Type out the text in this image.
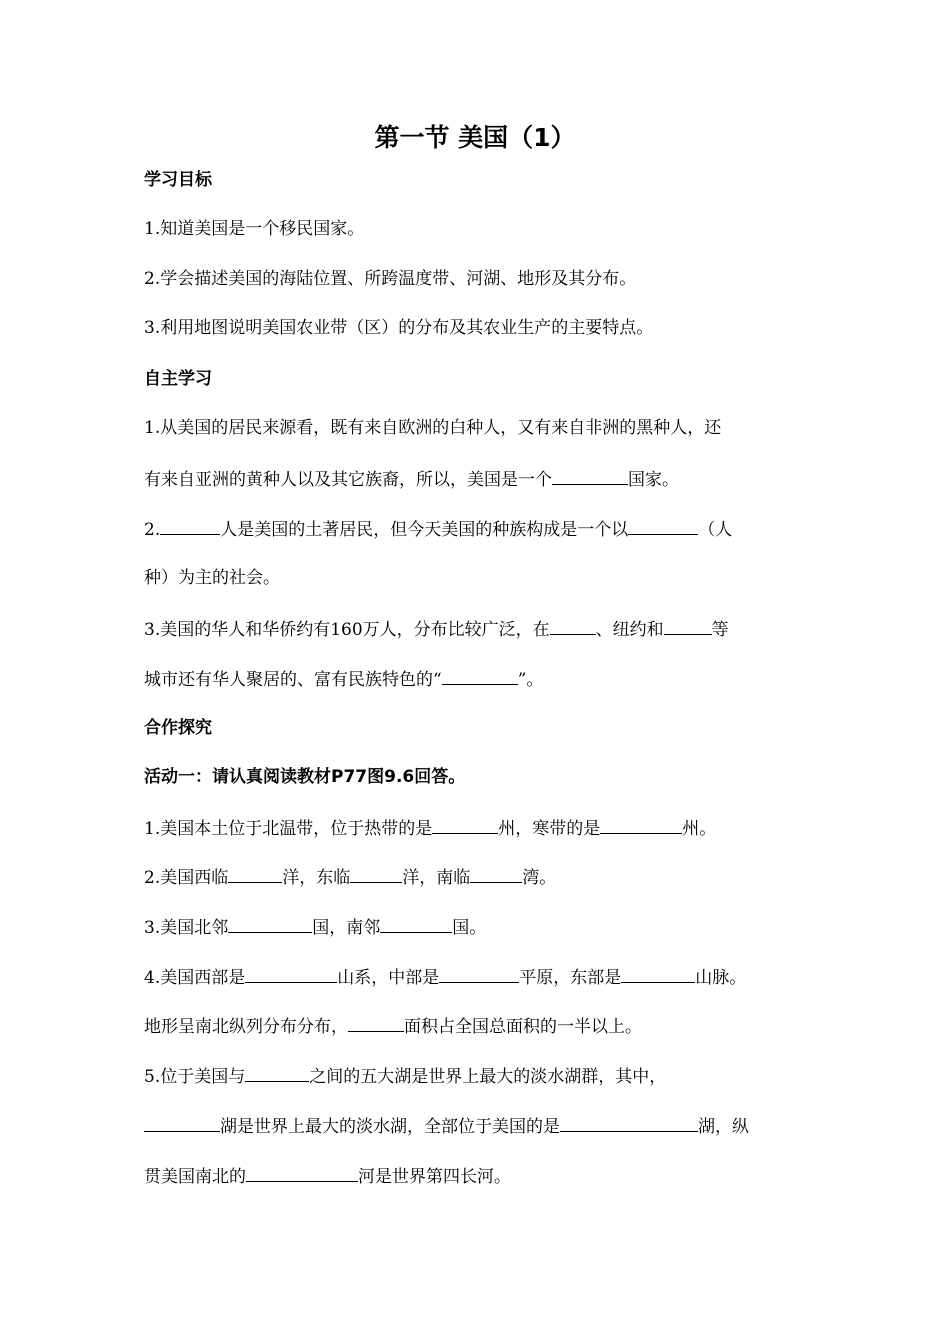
第一节 美国（1）
学习目标
1.知道美国是一个移民国家。
2.学会描述美国的海陆位置、所跨温度带、河湖、地形及其分布。
3.利用地图说明美国农业带（区）的分布及其农业生产的主要特点。
自主学习
1.从美国的居民来源看，既有来自欧洲的白种人，又有来自非洲的黑种人，还
有来自亚洲的黄种人以及其它族裔，所以，美国是一个	国家。
2.	人是美国的土著居民，但今天美国的种族构成是一个以	（人
种）为主的社会。
3.美国的华人和华侨约有160万人，分布比较广泛，在	、纽约和	等
城市还有华人聚居的、富有民族特色的“	”。
合作探究
活动一：请认真阅读教材P77图9.6回答。
1.美国本土位于北温带，位于热带的是	州，寒带的是	州。
2.美国西临	洋，东临	洋，南临	湾。
3.美国北邻	国，南邻	国。
4.美国西部是	山系，中部是	平原，东部是	山脉。
地形呈南北纵列分布分布，	面积占全国总面积的一半以上。
5.位于美国与	之间的五大湖是世界上最大的淡水湖群，其中，
湖是世界上最大的淡水湖，全部位于美国的是	湖，纵
贯美国南北的	河是世界第四长河。
